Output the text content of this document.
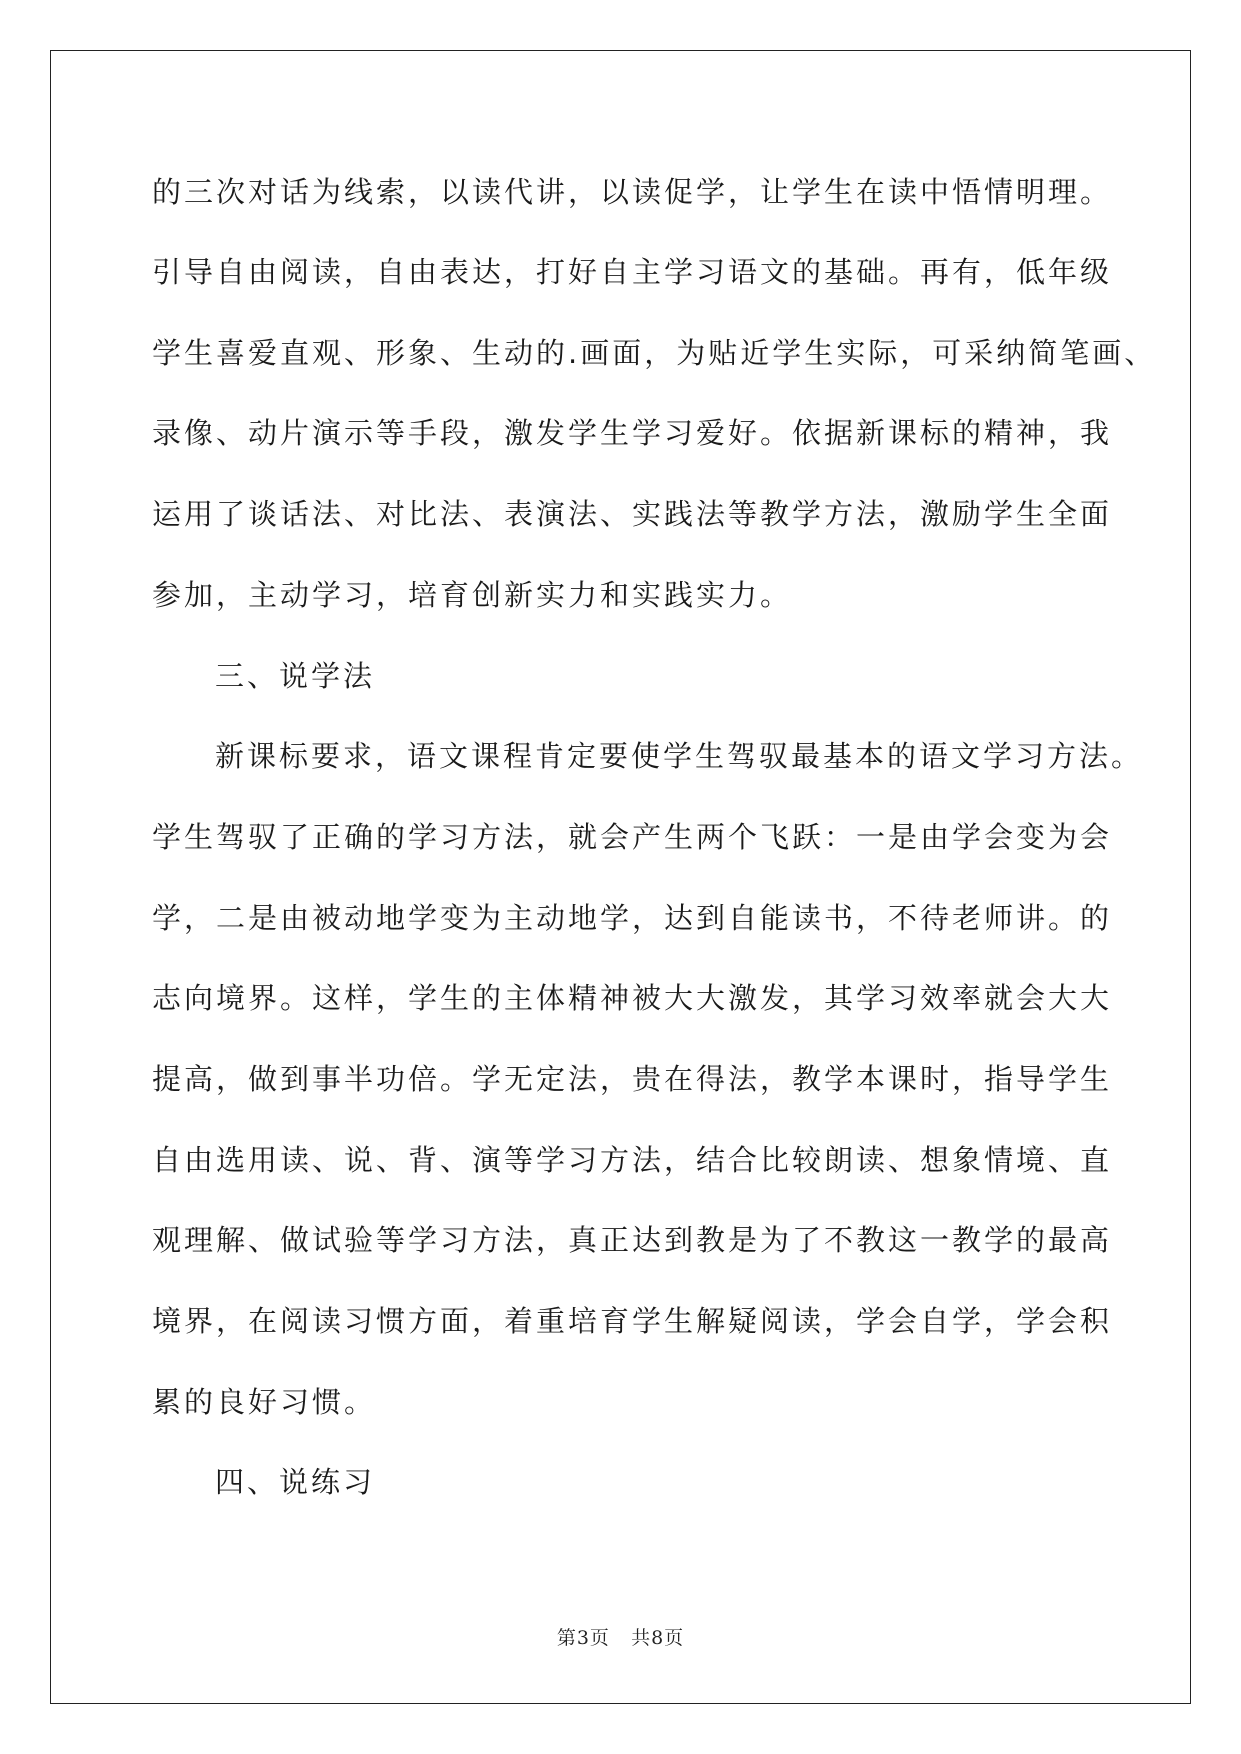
的三次对话为线索，以读代讲，以读促学，让学生在读中悟情明理。
引导自由阅读，自由表达，打好自主学习语文的基础。再有，低年级
学生喜爱直观、形象、生动的.画面，为贴近学生实际，可采纳简笔画、
录像、动片演示等手段，激发学生学习爱好。依据新课标的精神，我
运用了谈话法、对比法、表演法、实践法等教学方法，激励学生全面
参加，主动学习，培育创新实力和实践实力。
三、说学法
新课标要求，语文课程肯定要使学生驾驭最基本的语文学习方法。
学生驾驭了正确的学习方法，就会产生两个飞跃：一是由学会变为会
学，二是由被动地学变为主动地学，达到自能读书，不待老师讲。的
志向境界。这样，学生的主体精神被大大激发，其学习效率就会大大
提高，做到事半功倍。学无定法，贵在得法，教学本课时，指导学生
自由选用读、说、背、演等学习方法，结合比较朗读、想象情境、直
观理解、做试验等学习方法，真正达到教是为了不教这一教学的最高
境界，在阅读习惯方面，着重培育学生解疑阅读，学会自学，学会积
累的良好习惯。
四、说练习
第3页 共8页
